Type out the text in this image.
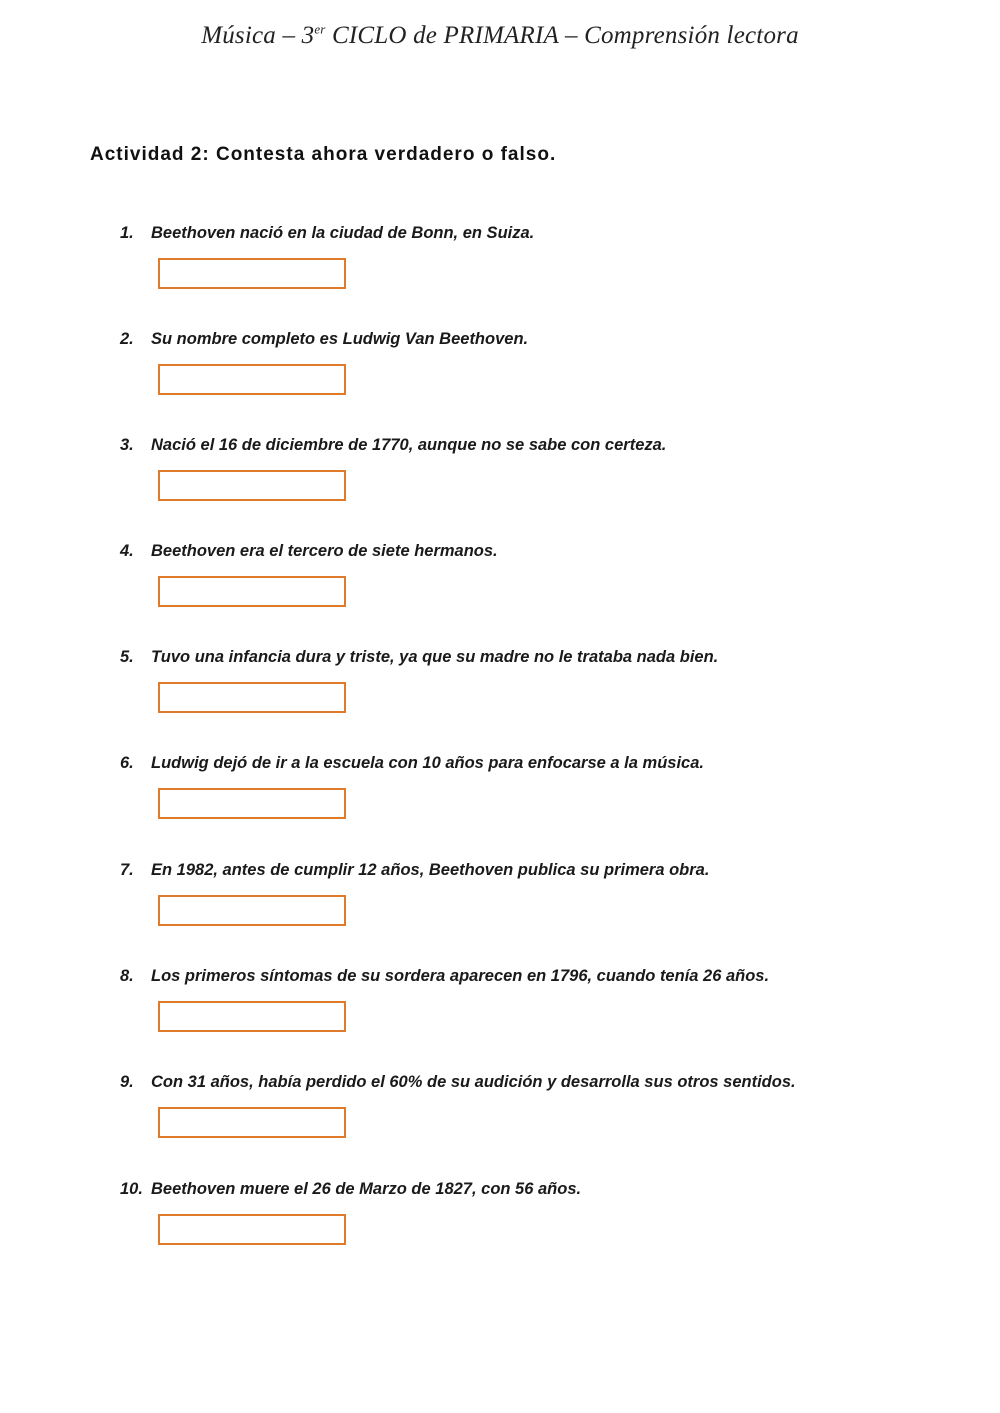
Música – 3er CICLO de PRIMARIA – Comprensión lectora
Actividad 2: Contesta ahora verdadero o falso.
1. Beethoven nació en la ciudad de Bonn, en Suiza.
2. Su nombre completo es Ludwig Van Beethoven.
3. Nació el 16 de diciembre de 1770, aunque no se sabe con certeza.
4. Beethoven era el tercero de siete hermanos.
5. Tuvo una infancia dura y triste, ya que su madre no le trataba nada bien.
6. Ludwig dejó de ir a la escuela con 10 años para enfocarse a la música.
7. En 1982, antes de cumplir 12 años, Beethoven publica su primera obra.
8. Los primeros síntomas de su sordera aparecen en 1796, cuando tenía 26 años.
9. Con 31 años, había perdido el 60% de su audición y desarrolla sus otros sentidos.
10. Beethoven muere el 26 de Marzo de 1827, con 56 años.
